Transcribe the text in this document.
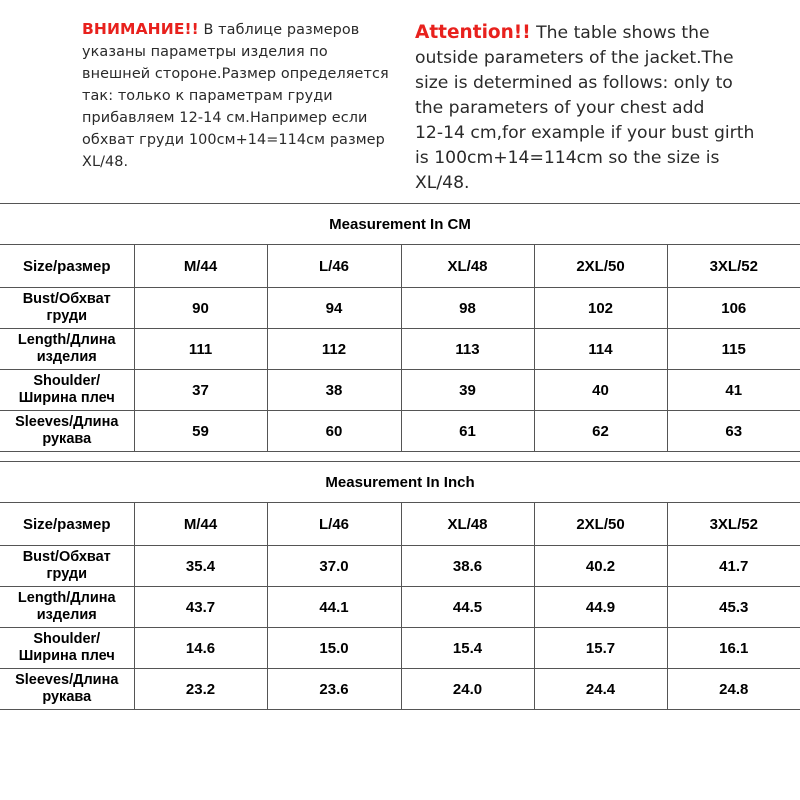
ВНИМАНИЕ!! В таблице размеров
указаны параметры изделия по
внешней стороне.Размер определяется
так: только к параметрам груди
прибавляем 12-14 см.Например если
обхват груди 100см+14=114см размер
XL/48.
Attention!! The table shows the
outside parameters of the jacket.The
size is determined as follows: only to
the parameters of your chest add
12-14 cm,for example if your bust girth
is 100cm+14=114cm so the size is
XL/48.
Measurement In CM					
Size/размер	M/44	L/46	XL/48	2XL/50	3XL/52
Bust/Обхват
груди	90	94	98	102	106
Length/Длина
изделия	111	112	113	114	115
Shoulder/
Ширина плеч	37	38	39	40	41
Sleeves/Длина
рукава	59	60	61	62	63
Measurement In Inch					
Size/размер	M/44	L/46	XL/48	2XL/50	3XL/52
Bust/Обхват
груди	35.4	37.0	38.6	40.2	41.7
Length/Длина
изделия	43.7	44.1	44.5	44.9	45.3
Shoulder/
Ширина плеч	14.6	15.0	15.4	15.7	16.1
Sleeves/Длина
рукава	23.2	23.6	24.0	24.4	24.8
